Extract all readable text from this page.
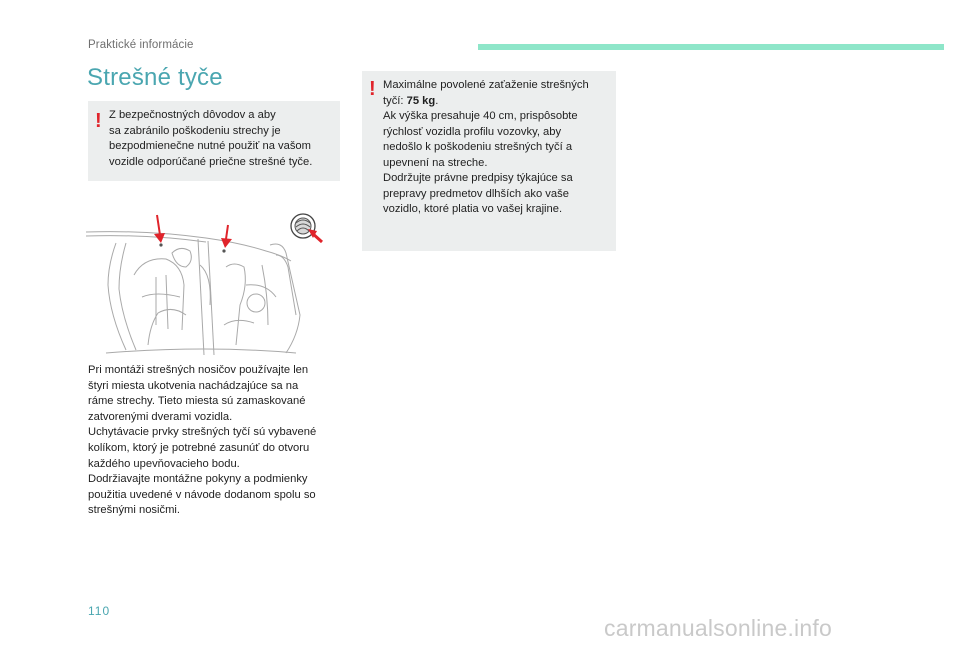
Praktické informácie
Strešné tyče
! Z bezpečnostných dôvodov a aby

sa zabránilo poškodeniu strechy je

bezpodmienečne nutné použiť na vašom

vozidle odporúčané priečne strešné tyče.

! Maximálne povolené zaťaženie strešných

tyčí: 75 kg.

Ak výška presahuje 40 cm, prispôsobte

rýchlosť vozidla profilu vozovky, aby

nedošlo k poškodeniu strešných tyčí a

upevnení na streche.

Dodržujte právne predpisy týkajúce sa

prepravy predmetov dlhších ako vaše

vozidlo, ktoré platia vo vašej krajine.

Pri montáži strešných nosičov používajte len

štyri miesta ukotvenia nachádzajúce sa na

ráme strechy. Tieto miesta sú zamaskované

zatvorenými dverami vozidla.

Uchytávacie prvky strešných tyčí sú vybavené

kolíkom, ktorý je potrebné zasunúť do otvoru

každého upevňovacieho bodu.

Dodržiavajte montážne pokyny a podmienky

použitia uvedené v návode dodanom spolu so

strešnými nosičmi.

110
carmanualsonline.info
